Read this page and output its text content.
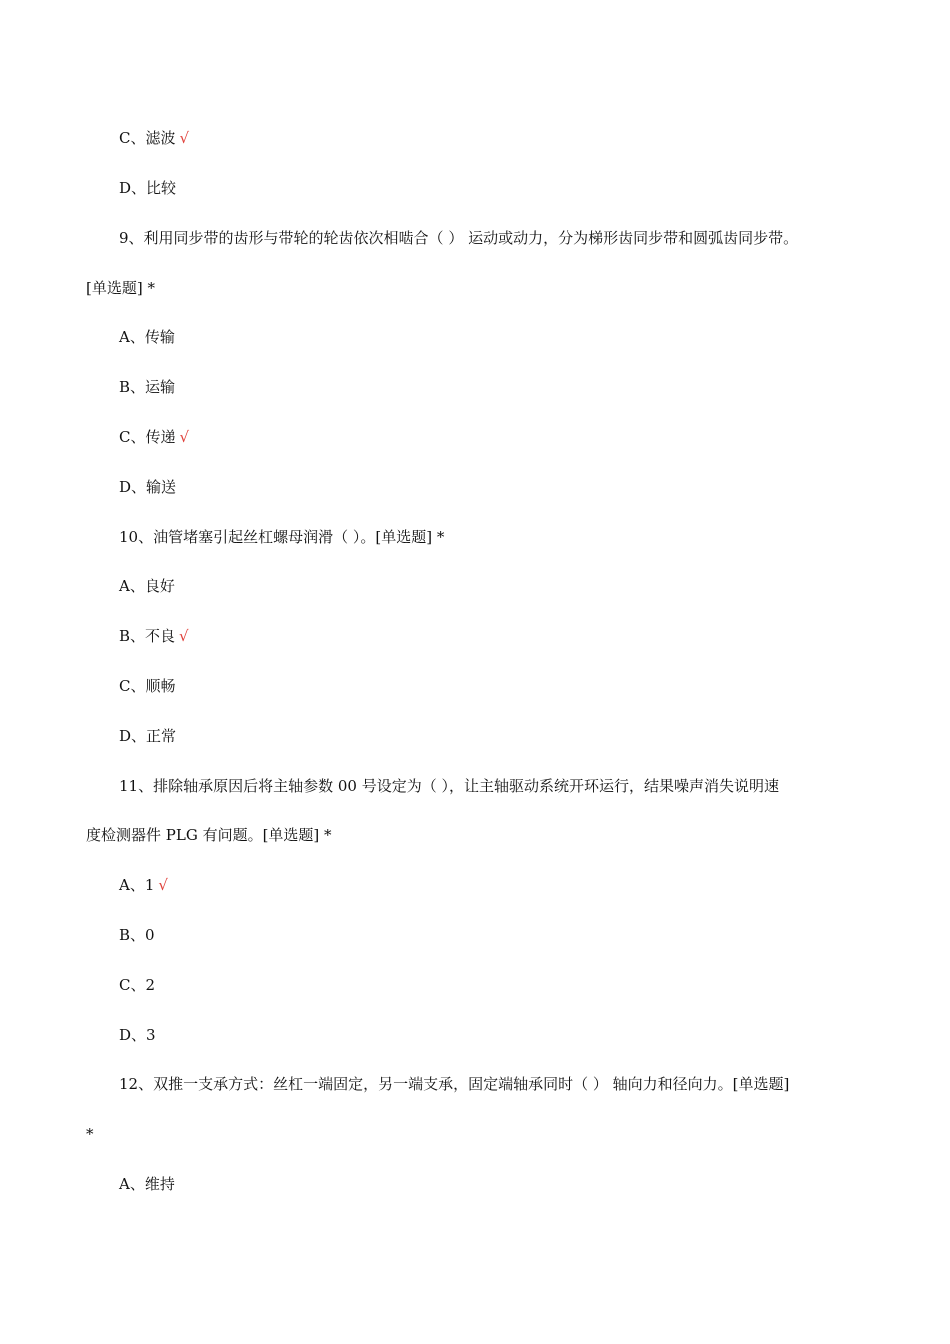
C、滤波 √
D、比较
9、利用同步带的齿形与带轮的轮齿依次相啮合（ ） 运动或动力，分为梯形齿同步带和圆弧齿同步带。
[单选题] *
A、传输
B、运输
C、传递 √
D、输送
10、油管堵塞引起丝杠螺母润滑（ ）。[单选题] *
A、良好
B、不良 √
C、顺畅
D、正常
11、排除轴承原因后将主轴参数 00 号设定为（ ），让主轴驱动系统开环运行，结果噪声消失说明速
度检测器件 PLG 有问题。[单选题] *
A、1 √
B、0
C、2
D、3
12、双推一支承方式：丝杠一端固定，另一端支承，固定端轴承同时（ ） 轴向力和径向力。[单选题]
*
A、维持
